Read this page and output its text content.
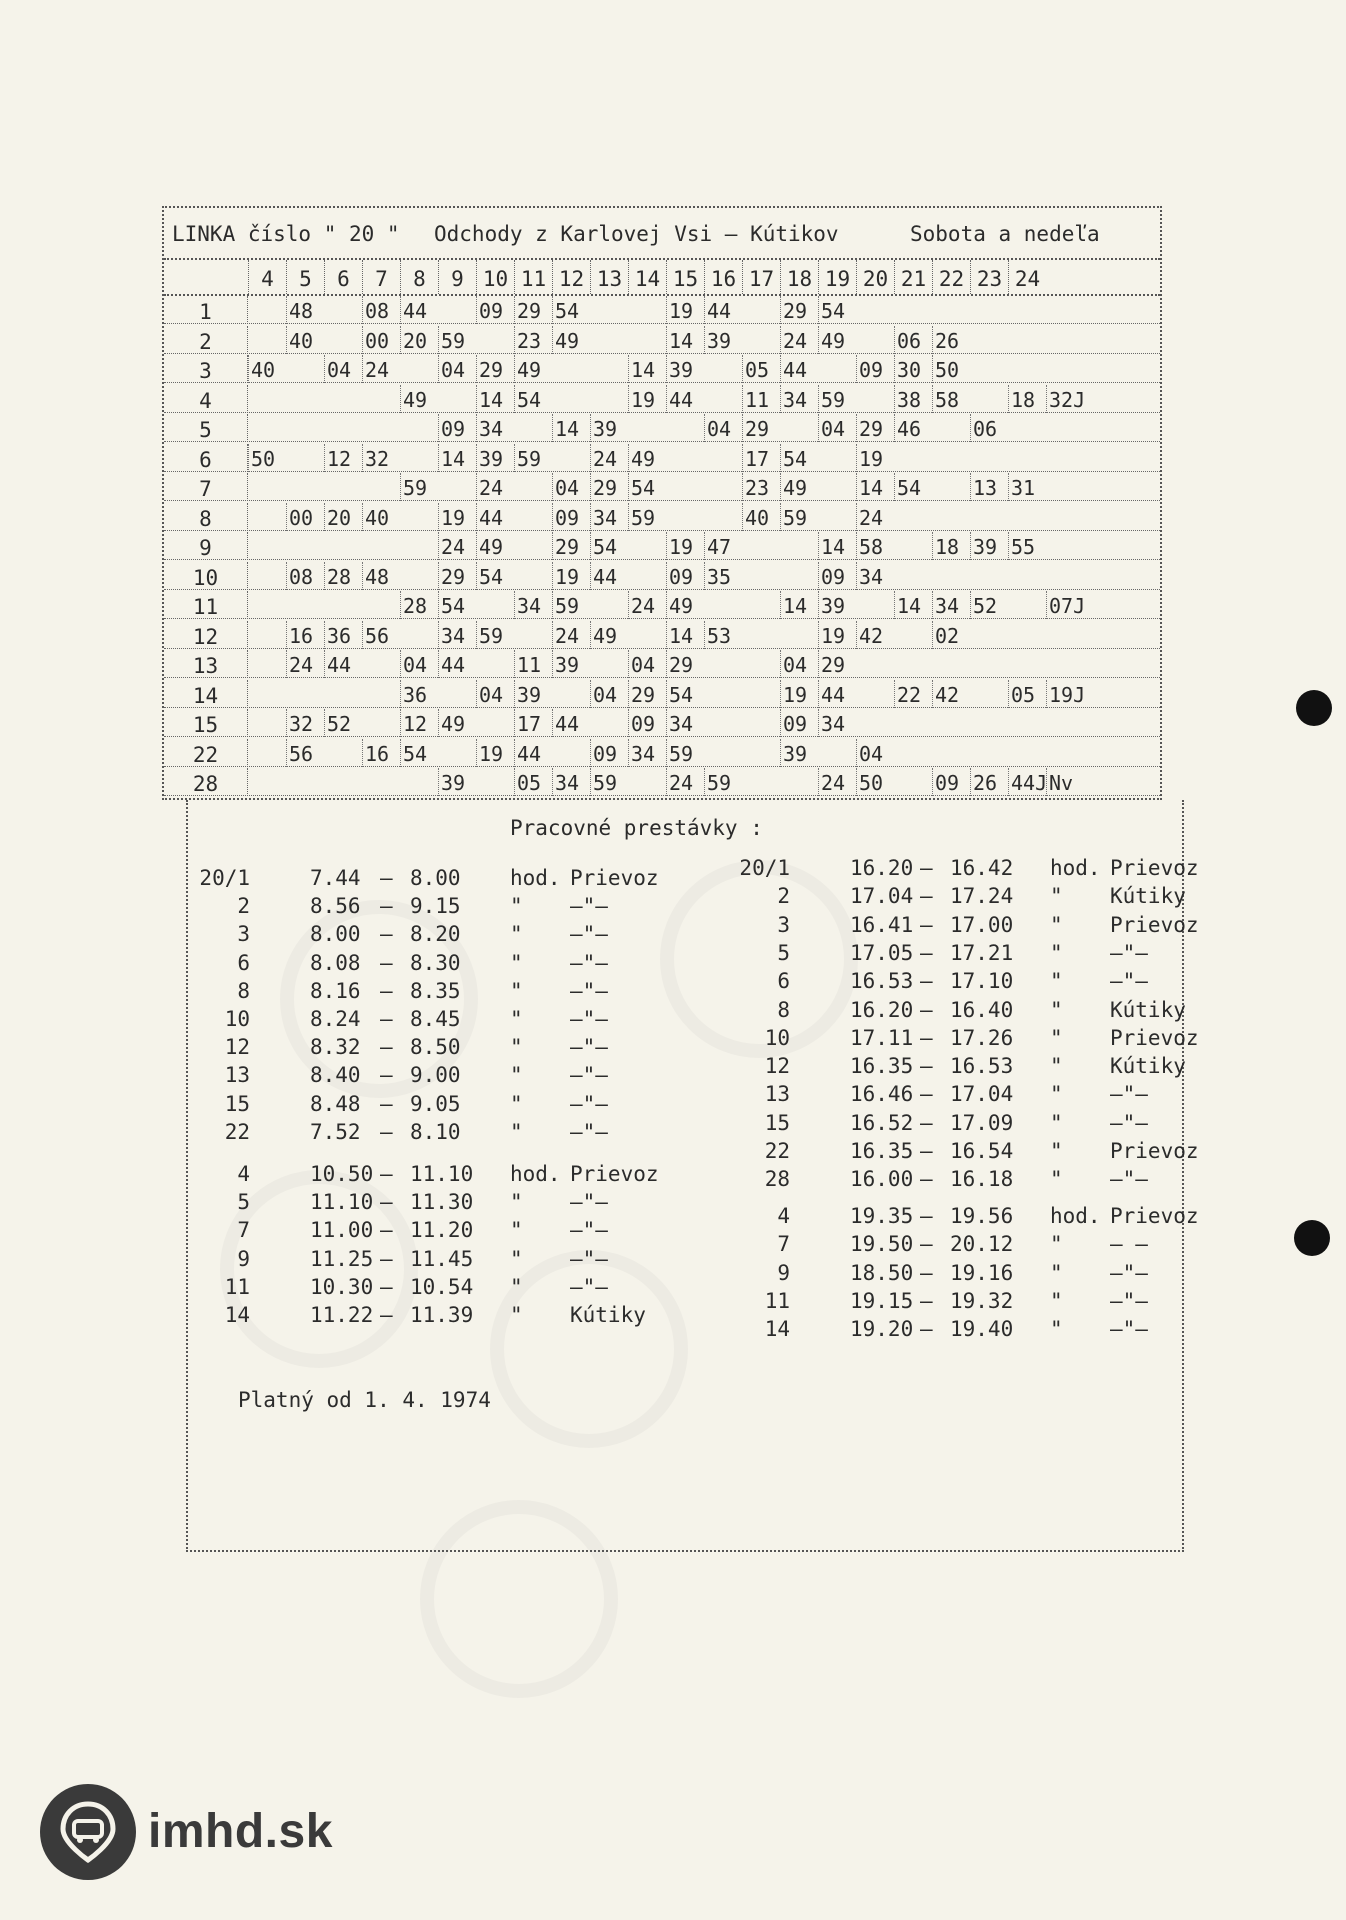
LINKA číslo " 20 " Odchody z Karlovej Vsi – Kútikov	Sobota a nedeľa
4	5	6	7	8	9 10 11 12 13 14 15 16 17 18 19 20 21 22 23 24
1	48	08 44	09 29 54	19 44	29 54
2	40	00 20 59	23 49	14 39	24 49	06 26
3	40	04 24	04 29 49	14 39	05 44	09 30 50
4	49	14 54	19 44	11 34 59	38 58	18 32J
5	09 34	14 39	04 29	04 29 46	06
6	50	12 32	14 39 59	24 49	17 54	19
7	59	24	04 29 54	23 49	14 54	13 31
8	00 20 40	19 44	09 34 59	40 59	24
9	24 49	29 54	19 47	14 58	18 39 55
10	08 28 48	29 54	19 44	09 35	09 34
11	28 54	34 59	24 49	14 39	14 34 52	07J
12	16 36 56	34 59	24 49	14 53	19 42	02
13	24 44	04 44	11 39	04 29	04 29
14	36	04 39	04 29 54	19 44	22 42	05 19J
15	32 52	12 49	17 44	09 34	09 34
22	56	16 54	19 44	09 34 59	39	04
28	39	05 34 59	24 59	24 50	09 26 44J Nv
Pracovné prestávky :
20/1	7.44 – 8.00 hod. Prievoz
2	8.56 – 9.15 " –"–
3	8.00 – 8.20 " –"–
6	8.08 – 8.30 " –"–
8	8.16 – 8.35 " –"–
10	8.24 – 8.45 " –"–
12	8.32 – 8.50 " –"–
13	8.40 – 9.00 " –"–
15	8.48 – 9.05 " –"–
22	7.52 – 8.10 " –"–
4	10.50 – 11.10 hod. Prievoz
5	11.10 – 11.30 " –"–
7	11.00 – 11.20 " –"–
9	11.25 – 11.45 " –"–
11	10.30 – 10.54 " –"–
14	11.22 – 11.39 " Kútiky
20/1	16.20 – 16.42 hod. Prievoz
2	17.04 – 17.24 " Kútiky
3	16.41 – 17.00 " Prievoz
5	17.05 – 17.21 " –"–
6	16.53 – 17.10 " –"–
8	16.20 – 16.40 " Kútiky
10	17.11 – 17.26 " Prievoz
12	16.35 – 16.53 " Kútiky
13	16.46 – 17.04 " –"–
15	16.52 – 17.09 " –"–
22	16.35 – 16.54 " Prievoz
28	16.00 – 16.18 " –"–
4	19.35 – 19.56 hod. Prievoz
7	19.50 – 20.12 " – –
9	18.50 – 19.16 " –"–
11	19.15 – 19.32 " –"–
14	19.20 – 19.40 " –"–
Platný od 1. 4. 1974
imhd.sk
